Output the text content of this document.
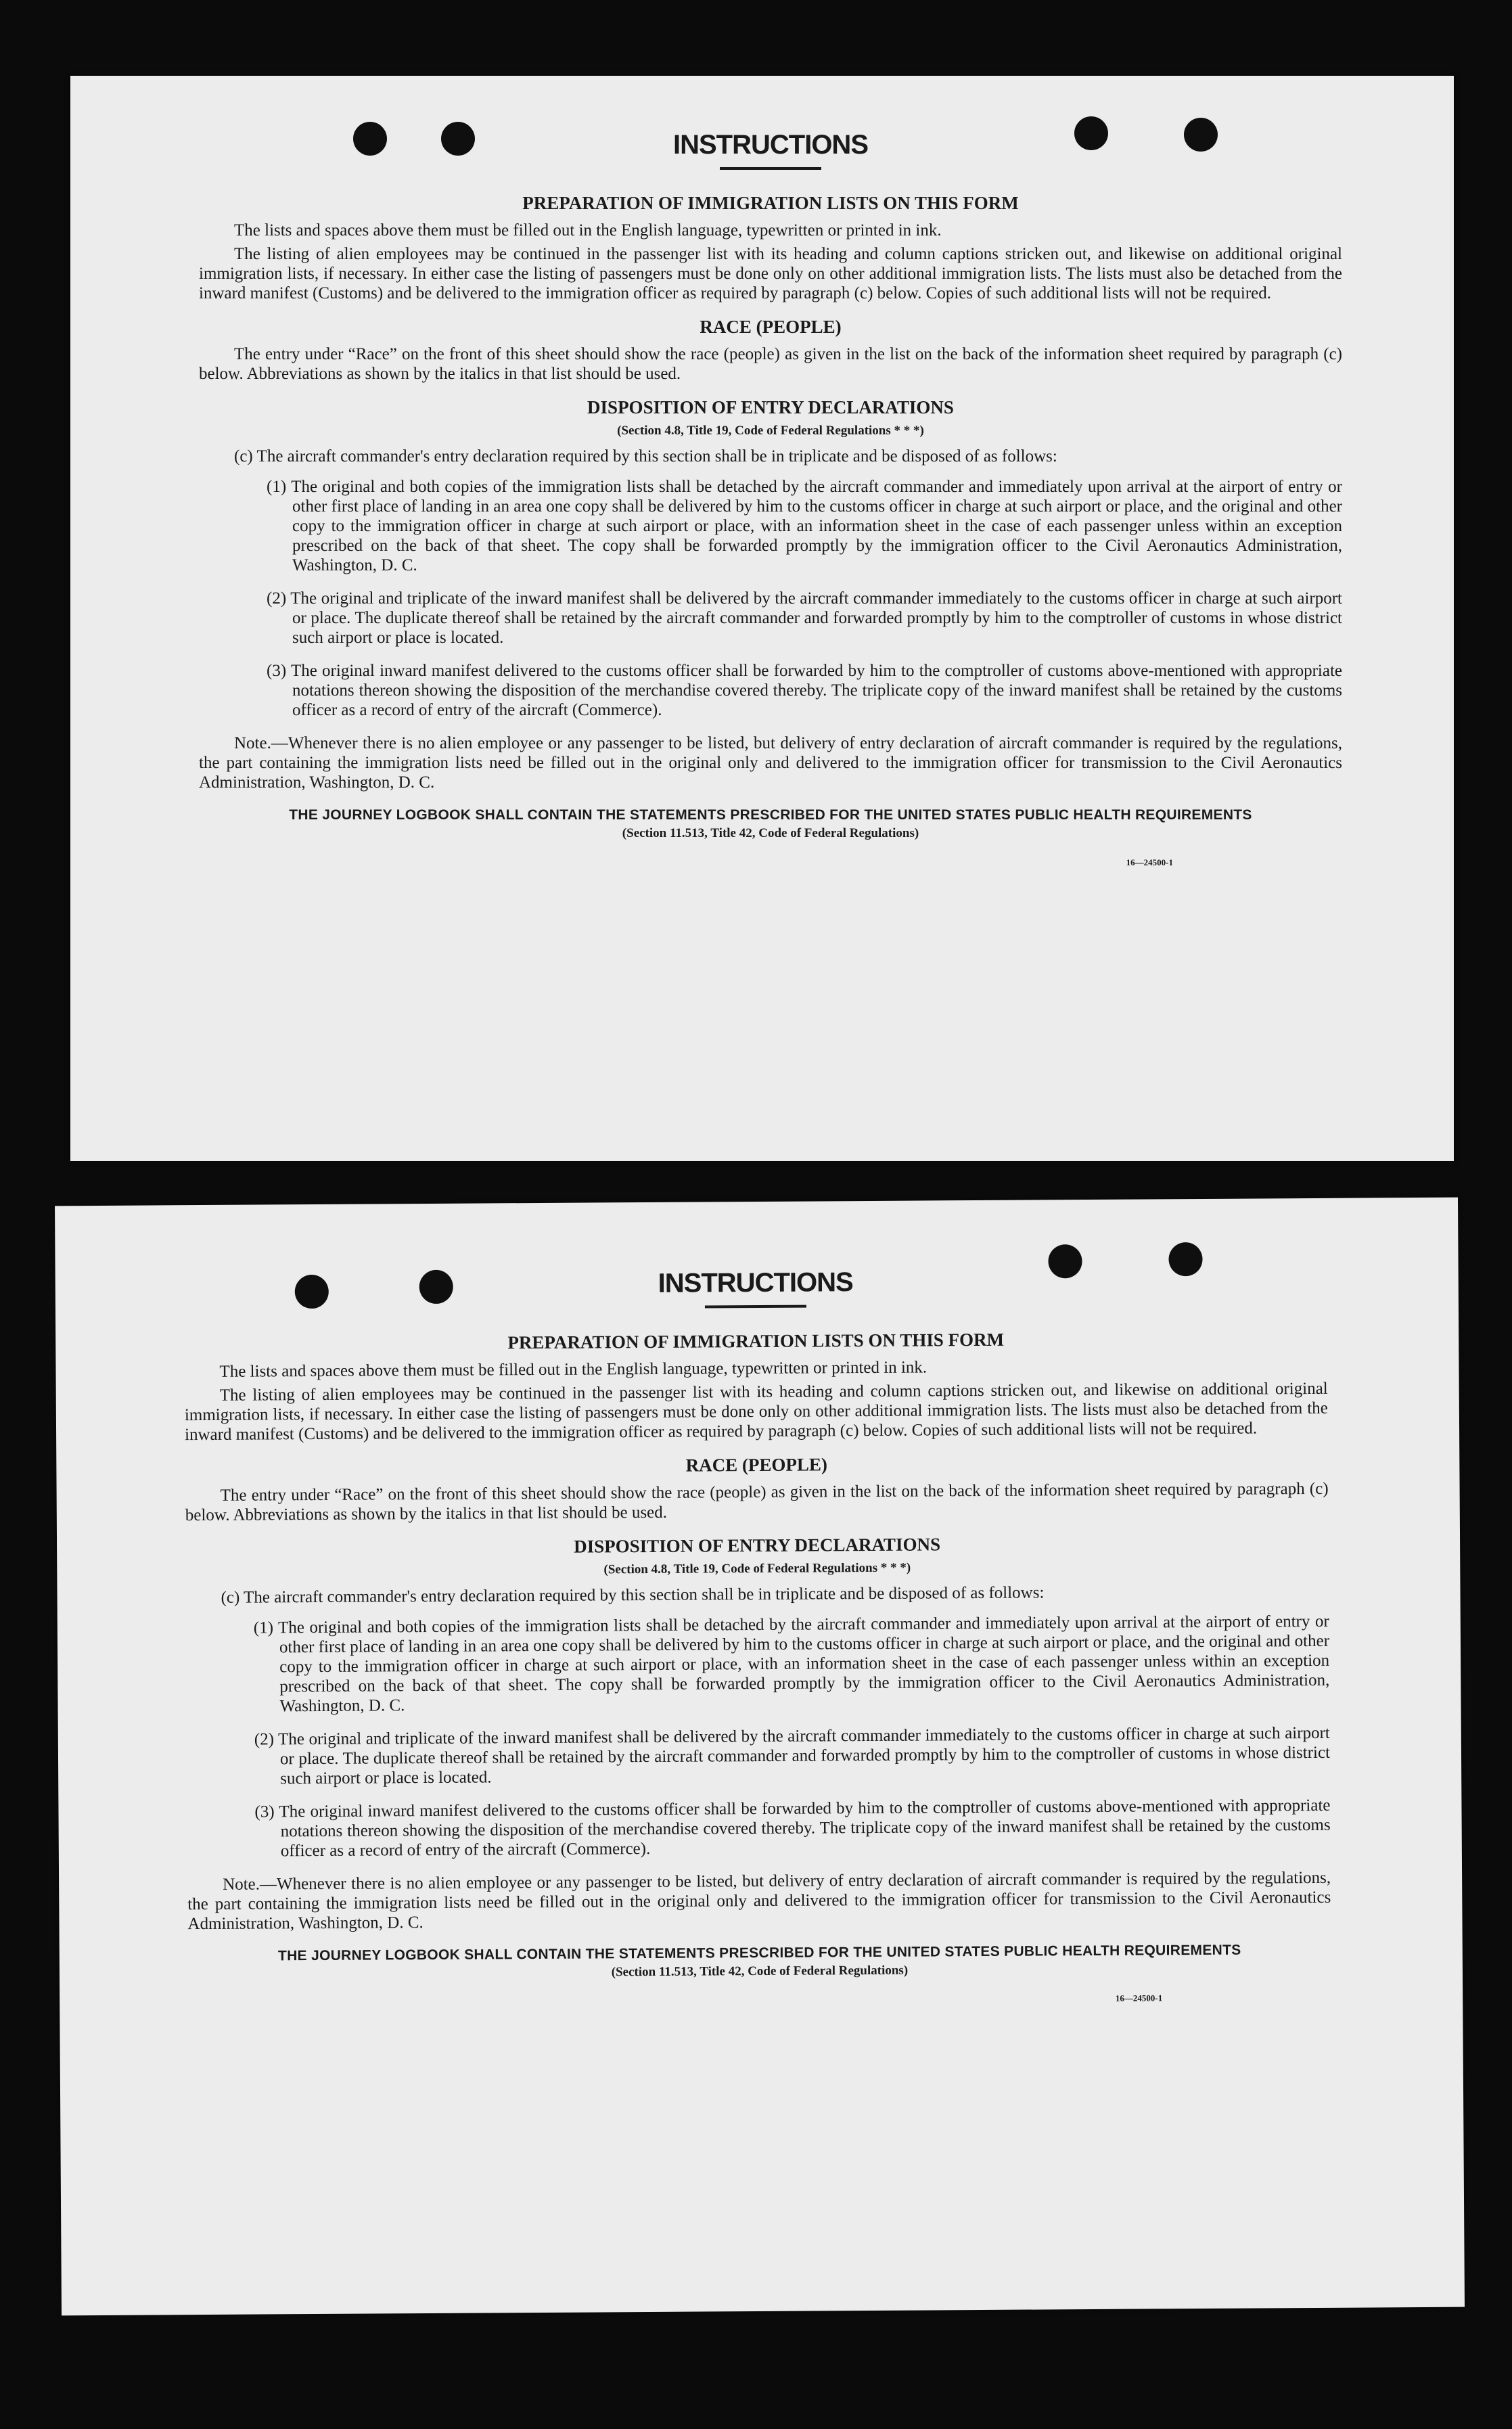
INSTRUCTIONS
PREPARATION OF IMMIGRATION LISTS ON THIS FORM

The lists and spaces above them must be filled out in the English language, typewritten or printed in ink.

The listing of alien employees may be continued in the passenger list with its heading and column captions stricken out, and likewise on additional original immigration lists, if necessary. In either case the listing of passengers must be done only on other additional immigration lists. The lists must also be detached from the inward manifest (Customs) and be delivered to the immigration officer as required by paragraph (c) below. Copies of such additional lists will not be required.

RACE (PEOPLE)

The entry under “Race” on the front of this sheet should show the race (people) as given in the list on the back of the information sheet required by paragraph (c) below. Abbreviations as shown by the italics in that list should be used.

DISPOSITION OF ENTRY DECLARATIONS
(Section 4.8, Title 19, Code of Federal Regulations * * *)

(c) The aircraft commander's entry declaration required by this section shall be in triplicate and be disposed of as follows:

(1) The original and both copies of the immigration lists shall be detached by the aircraft commander and immediately upon arrival at the airport of entry or other first place of landing in an area one copy shall be delivered by him to the customs officer in charge at such airport or place, and the original and other copy to the immigration officer in charge at such airport or place, with an information sheet in the case of each passenger unless within an exception prescribed on the back of that sheet. The copy shall be forwarded promptly by the immigration officer to the Civil Aeronautics Administration, Washington, D. C.

(2) The original and triplicate of the inward manifest shall be delivered by the aircraft commander immediately to the customs officer in charge at such airport or place. The duplicate thereof shall be retained by the aircraft commander and forwarded promptly by him to the comptroller of customs in whose district such airport or place is located.

(3) The original inward manifest delivered to the customs officer shall be forwarded by him to the comptroller of customs above-mentioned with appropriate notations thereon showing the disposition of the merchandise covered thereby. The triplicate copy of the inward manifest shall be retained by the customs officer as a record of entry of the aircraft (Commerce).

Note.—Whenever there is no alien employee or any passenger to be listed, but delivery of entry declaration of aircraft commander is required by the regulations, the part containing the immigration lists need be filled out in the original only and delivered to the immigration officer for transmission to the Civil Aeronautics Administration, Washington, D. C.

THE JOURNEY LOGBOOK SHALL CONTAIN THE STATEMENTS PRESCRIBED FOR THE UNITED STATES PUBLIC HEALTH REQUIREMENTS
(Section 11.513, Title 42, Code of Federal Regulations)
16—24500-1
INSTRUCTIONS
PREPARATION OF IMMIGRATION LISTS ON THIS FORM

The lists and spaces above them must be filled out in the English language, typewritten or printed in ink.

The listing of alien employees may be continued in the passenger list with its heading and column captions stricken out, and likewise on additional original immigration lists, if necessary. In either case the listing of passengers must be done only on other additional immigration lists. The lists must also be detached from the inward manifest (Customs) and be delivered to the immigration officer as required by paragraph (c) below. Copies of such additional lists will not be required.

RACE (PEOPLE)

The entry under “Race” on the front of this sheet should show the race (people) as given in the list on the back of the information sheet required by paragraph (c) below. Abbreviations as shown by the italics in that list should be used.

DISPOSITION OF ENTRY DECLARATIONS
(Section 4.8, Title 19, Code of Federal Regulations * * *)

(c) The aircraft commander's entry declaration required by this section shall be in triplicate and be disposed of as follows:

(1) The original and both copies of the immigration lists shall be detached by the aircraft commander and immediately upon arrival at the airport of entry or other first place of landing in an area one copy shall be delivered by him to the customs officer in charge at such airport or place, and the original and other copy to the immigration officer in charge at such airport or place, with an information sheet in the case of each passenger unless within an exception prescribed on the back of that sheet. The copy shall be forwarded promptly by the immigration officer to the Civil Aeronautics Administration, Washington, D. C.

(2) The original and triplicate of the inward manifest shall be delivered by the aircraft commander immediately to the customs officer in charge at such airport or place. The duplicate thereof shall be retained by the aircraft commander and forwarded promptly by him to the comptroller of customs in whose district such airport or place is located.

(3) The original inward manifest delivered to the customs officer shall be forwarded by him to the comptroller of customs above-mentioned with appropriate notations thereon showing the disposition of the merchandise covered thereby. The triplicate copy of the inward manifest shall be retained by the customs officer as a record of entry of the aircraft (Commerce).

Note.—Whenever there is no alien employee or any passenger to be listed, but delivery of entry declaration of aircraft commander is required by the regulations, the part containing the immigration lists need be filled out in the original only and delivered to the immigration officer for transmission to the Civil Aeronautics Administration, Washington, D. C.

THE JOURNEY LOGBOOK SHALL CONTAIN THE STATEMENTS PRESCRIBED FOR THE UNITED STATES PUBLIC HEALTH REQUIREMENTS
(Section 11.513, Title 42, Code of Federal Regulations)
16—24500-1
